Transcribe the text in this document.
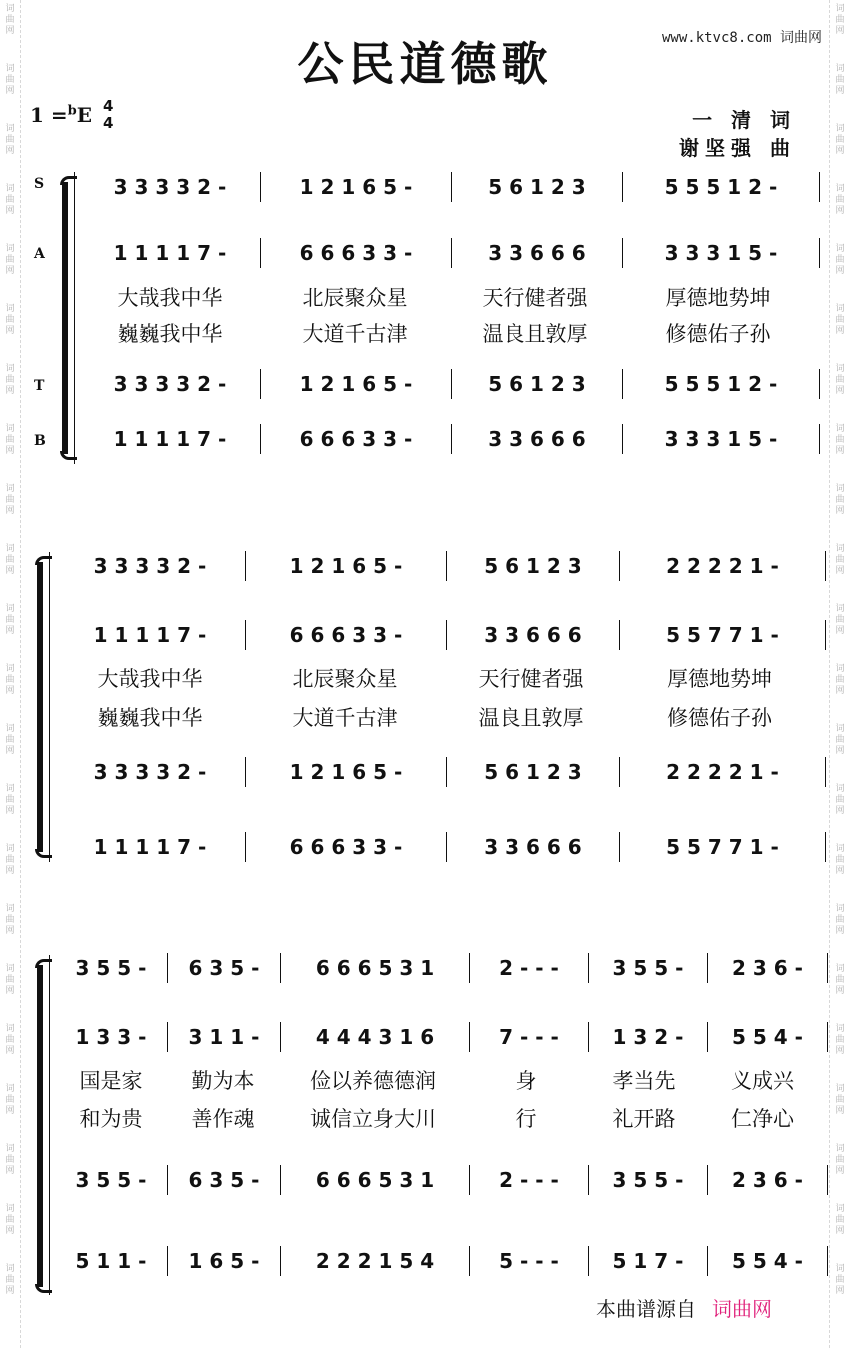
词
曲
网
词
曲
网
词
曲
网
词
曲
网
词
曲
网
词
曲
网
词
曲
网
词
曲
网
词
曲
网
词
曲
网
词
曲
网
词
曲
网
词
曲
网
词
曲
网
词
曲
网
词
曲
网
词
曲
网
词
曲
网
词
曲
网
词
曲
网
词
曲
网
词
曲
网
词
曲
网
词
曲
网
词
曲
网
词
曲
网
词
曲
网
词
曲
网
词
曲
网
词
曲
网
词
曲
网
词
曲
网
词
曲
网
词
曲
网
词
曲
网
词
曲
网
词
曲
网
词
曲
网
词
曲
网
词
曲
网
词
曲
网
词
曲
网
词
曲
网
词
曲
网
www.ktvc8.com 词曲网
公民道德歌
1 =$^b$E 4
4	一 清 词
谢坚强 曲
S
A
T
B
3 3 3 3 2 -	1 2 1 6 5 -	5 6 1 2 3	5 5 5 1 2 -
1 1 1 1 7 -	6 6 6 3 3 -	3 3 6 6 6	3 3 3 1 5 -
大哉我中华	北辰聚众星	天行健者强	厚德地势坤
巍巍我中华	大道千古津	温良且敦厚	修德佑子孙
3 3 3 3 2 -	1 2 1 6 5 -	5 6 1 2 3	5 5 5 1 2 -
1 1 1 1 7 -	6 6 6 3 3 -	3 3 6 6 6	3 3 3 1 5 -
3 3 3 3 2 -	1 2 1 6 5 -	5 6 1 2 3	2 2 2 2 1 -
1 1 1 1 7 -	6 6 6 3 3 -	3 3 6 6 6	5 5 7 7 1 -
大哉我中华	北辰聚众星	天行健者强	厚德地势坤
巍巍我中华	大道千古津	温良且敦厚	修德佑子孙
3 3 3 3 2 -	1 2 1 6 5 -	5 6 1 2 3	2 2 2 2 1 -
1 1 1 1 7 -	6 6 6 3 3 -	3 3 6 6 6	5 5 7 7 1 -
3 5 5 -	6 3 5 -	6 6 6 5 3 1	2 - - -	3 5 5 -	2 3 6 -
1 3 3 -	3 1 1 -	4 4 4 3 1 6	7 - - -	1 3 2 -	5 5 4 -
国是家	勤为本	俭以养德德润	身	孝当先	义成兴
和为贵	善作魂	诚信立身大川	行	礼开路	仁净心
3 5 5 -	6 3 5 -	6 6 6 5 3 1	2 - - -	3 5 5 -	2 3 6 -
5 1 1 -	1 6 5 -	2 2 2 1 5 4	5 - - -	5 1 7 -	5 5 4 -
本曲谱源自 词曲网
